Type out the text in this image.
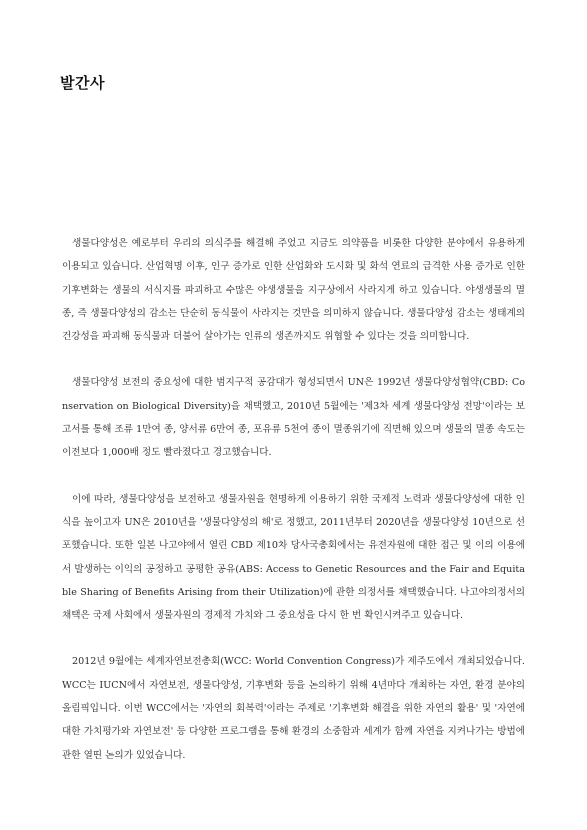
발간사

생물다양성은 예로부터 우리의 의식주를 해결해 주었고 지금도 의약품을 비롯한 다양한 분야에서 유용하게 이용되고 있습니다. 산업혁명 이후, 인구 증가로 인한 산업화와 도시화 및 화석 연료의 급격한 사용 증가로 인한 기후변화는 생물의 서식지를 파괴하고 수많은 야생생물을 지구상에서 사라지게 하고 있습니다. 야생생물의 멸종, 즉 생물다양성의 감소는 단순히 동식물이 사라지는 것만을 의미하지 않습니다. 생물다양성 감소는 생태계의 건강성을 파괴해 동식물과 더불어 살아가는 인류의 생존까지도 위협할 수 있다는 것을 의미합니다.

생물다양성 보전의 중요성에 대한 범지구적 공감대가 형성되면서 UN은 1992년 생물다양성협약(CBD: Conservation on Biological Diversity)을 채택했고, 2010년 5월에는 '제3차 세계 생물다양성 전망'이라는 보고서를 통해 조류 1만여 종, 양서류 6만여 종, 포유류 5천여 종이 멸종위기에 직면해 있으며 생물의 멸종 속도는 이전보다 1,000배 정도 빨라졌다고 경고했습니다.

이에 따라, 생물다양성을 보전하고 생물자원을 현명하게 이용하기 위한 국제적 노력과 생물다양성에 대한 인식을 높이고자 UN은 2010년을 '생물다양성의 해'로 정했고, 2011년부터 2020년을 생물다양성 10년으로 선포했습니다. 또한 일본 나고야에서 열린 CBD 제10차 당사국총회에서는 유전자원에 대한 접근 및 이의 이용에서 발생하는 이익의 공정하고 공평한 공유(ABS: Access to Genetic Resources and the Fair and Equitable Sharing of Benefits Arising from their Utilization)에 관한 의정서를 채택했습니다. 나고야의정서의 채택은 국제 사회에서 생물자원의 경제적 가치와 그 중요성을 다시 한 번 확인시켜주고 있습니다.

2012년 9월에는 세계자연보전총회(WCC: World Convention Congress)가 제주도에서 개최되었습니다. WCC는 IUCN에서 자연보전, 생물다양성, 기후변화 등을 논의하기 위해 4년마다 개최하는 자연, 환경 분야의 올림픽입니다. 이번 WCC에서는 '자연의 회복력'이라는 주제로 '기후변화 해결을 위한 자연의 활용' 및 '자연에 대한 가치평가와 자연보전' 등 다양한 프로그램을 통해 환경의 소중함과 세계가 함께 자연을 지켜나가는 방법에 관한 열띤 논의가 있었습니다.
